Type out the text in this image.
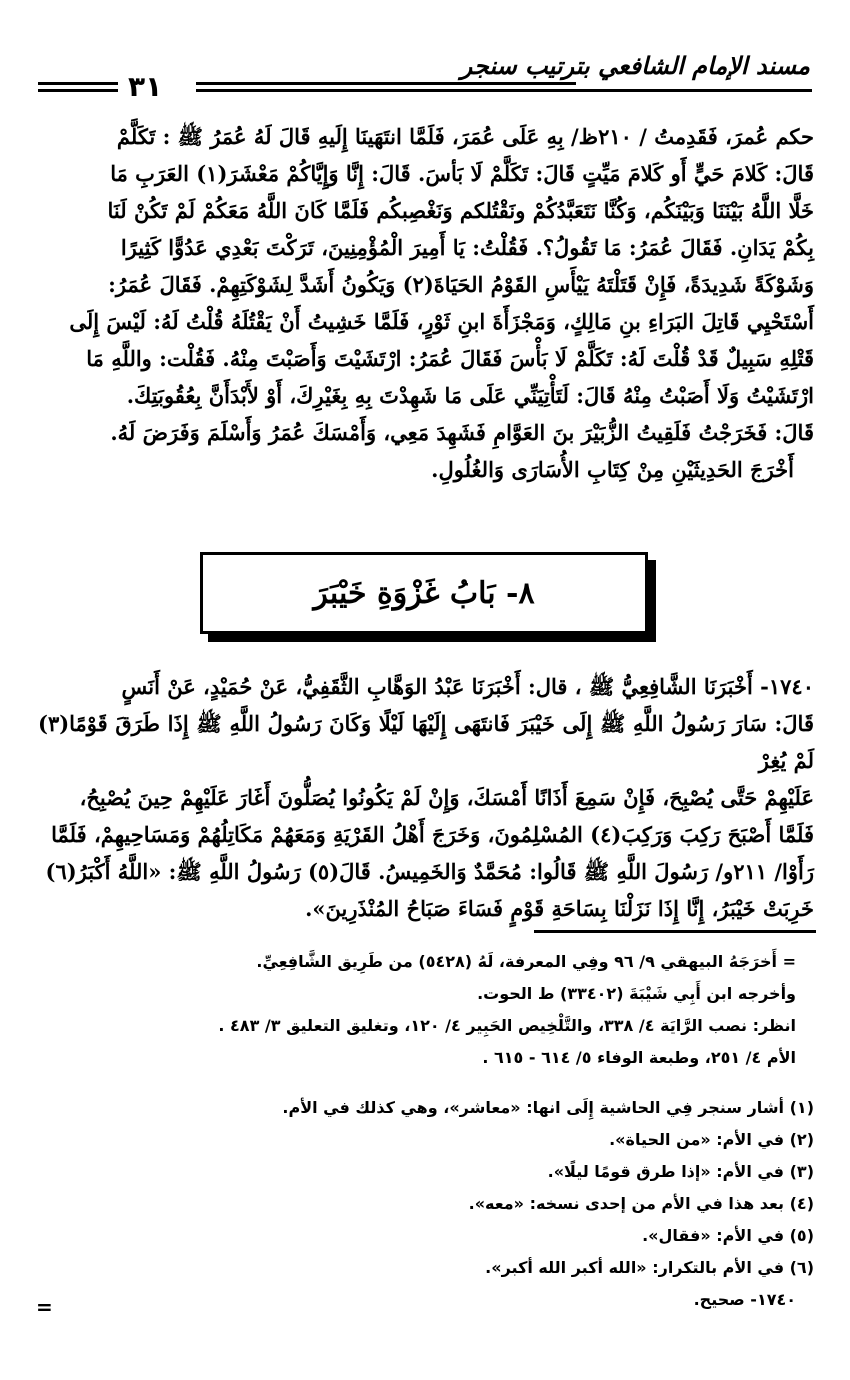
مسند الإمام الشافعي بترتيب سنجر
٣١

حكم عُمرَ، فَقَدِمتُ / ٢١٠ظ/ بِهِ عَلَى عُمَرَ، فَلَمَّا انتَهَينَا إِلَيهِ قَالَ لَهُ عُمَرُ ﷺ : تَكَلَّمْ

قَالَ: كَلامَ حَيٍّ أَو كَلامَ مَيِّتٍ قَالَ: تَكَلَّمْ لَا بَأسَ. قَالَ: إِنَّا وَإِيَّاكُمْ مَعْشَرَ(١) العَرَبِ مَا

خَلَّا اللَّهُ بَيْنَنَا وَبَيْنَكُم، وَكُنَّا نَتَعَبَّدُكُمْ ونَقْتُلكم وَنَغْصِبكُم فَلَمَّا كَانَ اللَّهُ مَعَكُمْ لَمْ تَكُنْ لَنَا

بِكُمْ يَدَانِ. فَقَالَ عُمَرُ: مَا تَقُولُ؟. فَقُلْتُ: يَا أَمِيرَ الْمُؤْمِنِينَ، تَرَكْتَ بَعْدِي عَدُوًّا كَثِيرًا

وَشَوْكَةً شَدِيدَةً، فَإِنْ قَتَلْتَهُ يَيْأَسِ القَوْمُ الحَيَاةَ(٢) وَيَكُونُ أَشَدَّ لِشَوْكَتِهِمْ. فَقَالَ عُمَرُ:

أَسْتَحْيِي قَاتِلَ البَرَاءِ بنِ مَالِكٍ، وَمَجْزَأَةَ ابنِ ثَوْرٍ، فَلَمَّا خَشِيتُ أَنْ يَقْتُلَهُ قُلْتُ لَهُ: لَيْسَ إِلَى

قَتْلِهِ سَبِيلٌ قَدْ قُلْتَ لَهُ: تَكَلَّمْ لَا بَأْسَ فَقَالَ عُمَرُ: ارْتَشَيْتَ وَأَصَبْتَ مِنْهُ. فَقُلْت: واللَّهِ مَا

ارْتَشَيْتُ وَلَا أَصَبْتُ مِنْهُ قَالَ: لَتَأْتِيَنِّي عَلَى مَا شَهِدْتَ بِهِ بِغَيْرِكَ، أَوْ لأَبْدَأَنَّ بِعُقُوبَتِكَ.

قَالَ: فَخَرَجْتُ فَلَقِيتُ الزُّبَيْرَ بنَ العَوَّامِ فَشَهِدَ مَعِي، وَأَمْسَكَ عُمَرُ وَأَسْلَمَ وَفَرَضَ لَهُ.

أَخْرَجَ الحَدِيثَيْنِ مِنْ كِتَابِ الأُسَارَى وَالغُلُولِ.

٨- بَابُ غَزْوَةِ خَيْبَرَ

١٧٤٠- أَخْبَرَنَا الشَّافِعِيُّ ﷺ ، قال: أَخْبَرَنَا عَبْدُ الوَهَّابِ الثَّقَفِيُّ، عَنْ حُمَيْدٍ، عَنْ أَنَسٍ

قَالَ: سَارَ رَسُولُ اللَّهِ ﷺ إِلَى خَيْبَرَ فَانتَهَى إِلَيْهَا لَيْلًا وَكَانَ رَسُولُ اللَّهِ ﷺ إِذَا طَرَقَ قَوْمًا(٣) لَمْ يُغِرْ

عَلَيْهِمْ حَتَّى يُصْبِحَ، فَإِنْ سَمِعَ أَذَانًا أَمْسَكَ، وَإِنْ لَمْ يَكُونُوا يُصَلُّونَ أَغَارَ عَلَيْهِمْ حِينَ يُصْبِحُ،

فَلَمَّا أَصْبَحَ رَكِبَ وَرَكِبَ(٤) المُسْلِمُونَ، وَخَرَجَ أَهْلُ القَرْيَةِ وَمَعَهُمْ مَكَاتِلُهُمْ وَمَسَاحِيهِمْ، فَلَمَّا

رَأَوْا/ ٢١١و/ رَسُولَ اللَّهِ ﷺ قَالُوا: مُحَمَّدٌ وَالخَمِيسُ. قَالَ(٥) رَسُولُ اللَّهِ ﷺ: «اللَّهُ أَكْبَرُ(٦)

خَرِبَتْ خَيْبَرُ، إِنَّا إِذَا نَزَلْنَا بِسَاحَةِ قَوْمٍ فَسَاءَ صَبَاحُ المُنْذَرِينَ».

= أَخرَجَهُ البيهقي ٩/ ٩٦ وفِي المعرفة، لَهُ (٥٤٢٨) من طَرِيق الشَّافِعِيِّ.

وأخرجه ابن أَبِي شَيْبَةَ (٣٣٤٠٢) ط الحوت.

انظر: نصب الرَّايَة ٤/ ٣٣٨، والتَّلْخِيص الحَبِير ٤/ ١٢٠، وتغليق التعليق ٣/ ٤٨٣ .

الأم ٤/ ٢٥١، وطبعة الوفاء ٥/ ٦١٤ - ٦١٥ .

(١) أشار سنجر فِي الحاشية إِلَى انها: «معاشر»، وهي كذلك في الأم.

(٢) في الأم: «من الحياة».

(٣) في الأم: «إذا طرق قومًا ليلًا».

(٤) بعد هذا في الأم من إحدى نسخه: «معه».

(٥) في الأم: «فقال».

(٦) في الأم بالتكرار: «الله أكبر الله أكبر».

١٧٤٠- صحيح.

=
